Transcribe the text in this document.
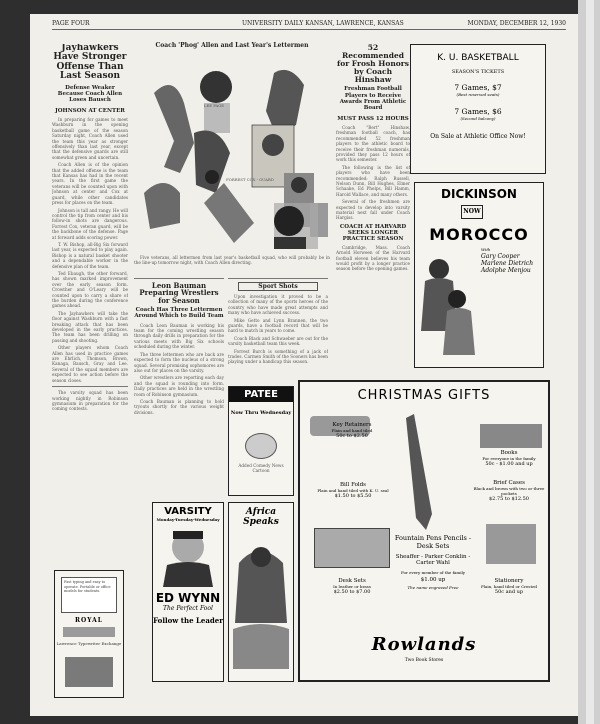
PAGE FOUR	UNIVERSITY DAILY KANSAN, LAWRENCE, KANSAS	MONDAY, DECEMBER 12, 1930
Jayhawkers Have Stronger Offense Than Last Season
Defense Weaker Because Coach Allen Loses Bausch
JOHNSON AT CENTER

In preparing for games to meet Washburn in the opening basketball game of the season Saturday night, Coach Allen used the team this year as stronger offensively than last year, except that the defensive guards are still somewhat green and uncertain.

Coach Allen is of the opinion that the added offense is the team that Kansas has had in the recent years. In the first game the veterans will be counted upon with Johnson at center and Cox at guard, while other candidates press for places on the team.

Johnson is tall and rangy. He will control the tip from center and his follow-in shots are dangerous. Forrest Cox, veteran guard, will be the backbone of the defense. Page at forward adds scoring power.

T. W. Bishop, all-Big Six forward last year, is expected to play again. Bishop is a natural basket shooter and a dependable worker in the defensive plan of the team.

Ted Ebaugh, the other forward, has shown marked improvement over the early season form. Crowther and O'Leary will be counted upon to carry a share of the burden during the conference games ahead.

The Jayhawkers will take the floor against Washburn with a fast breaking attack that has been developed in the early practices. The team has been drilling on passing and shooting.

Other players whom Coach Allen has used in practice games are Ehrlich, Thomson, Brown, Kanaga, Bausch, Gray and Lee. Several of the squad members are expected to see action before the season closes.

The varsity squad has been working nightly in Robinson gymnasium in preparation for the coming contests.

Fast typing and easy to operate. Portable or office models for students.
ROYAL
Lawrence Typewriter Exchange
Coach 'Phog' Allen and Last Year's Lettermen
LEE PAGE
FORREST COX - GUARD

Five veterans, all lettermen from last year's basketball squad, who will probably be in the line-up tomorrow night, with Coach Allen directing.

Leon Bauman Preparing Wrestlers for Season
Coach Has Three Lettermen Around Which to Build Team

Coach Leon Bauman is working his team for the coming wrestling season through daily drills in preparation for the various meets with Big Six schools scheduled during the winter.

The three lettermen who are back are expected to form the nucleus of a strong squad. Several promising sophomores are also out for places on the varsity.

Other wrestlers are reporting each day and the squad is rounding into form. Daily practices are held in the wrestling room of Robinson gymnasium.

Coach Bauman is planning to hold tryouts shortly for the various weight divisions.

Sport Shots

Upon investigation it proved to be a collection of many of the sports heroes of the country who have made great attempts and many who have achieved success.

Mike Getto and Lynn Brannen, the two guards, have a football record that will be hard to match in years to come.

Coach Black and Schwaeber are out for the varsity basketball team this week.

Forrest Burch is something of a jack of trades. Carmen Smith of the Sooners has been playing under a handicap this season.

52 Recommended for Frosh Honors by Coach Hinshaw
Freshman Football Players to Receive Awards From Athletic Board
MUST PASS 12 HOURS

Coach "Bert" Hinshaw, freshman football coach, has recommended 52 freshman players to the athletic board to receive their freshman numerals, provided they pass 12 hours of work this semester.

The following is the list of players who have been recommended: Ralph Russell, Nelson Dunn, Bill Hughes, Elmer Schaake, Ed Phelps, Bill Hamm, Harold Wallace, and many others.

Several of the freshmen are expected to develop into varsity material next fall under Coach Hargiss.

COACH AT HARVARD SEEKS LONGER PRACTICE SEASON

Cambridge, Mass. Coach Arnold Horween of the Harvard football eleven believes his team would profit by a longer practice season before the opening games.

K. U. BASKETBALL
SEASON'S TICKETS
7 Games, $7
(Best reserved seats)
7 Games, $6
(Second balcony)
On Sale at Athletic Office Now!
DICKINSON
NOW
MOROCCO
With
Gary Cooper Marlene Dietrich Adolphe Menjou
PATEE
Now Thru Wednesday
Added Comedy News Cartoon
VARSITY
Monday-Tuesday-Wednesday
ED WYNN
The Perfect Fool
Follow the Leader
Africa Speaks
CHRISTMAS GIFTS
Key Retainers
Plain and hand tiled
50c to $2.50
Books
For everyone in the family
50c - $1.00 and up
Bill Folds
Plain and hand tiled with K. U. seal
$1.50 to $5.50
Brief Cases
Black and brown with two or three pockets
$2.75 to $12.50
Fountain Pens Pencils - Desk Sets
Sheaffer - Parker Conklin - Carter Wahl
For every member of the family
$1.00 up
The name engraved Free
Desk Sets
In leather or brass
$2.50 to $7.00
Stationery
Plain, hand tiled or Crested
50c and up
Rowlands
Two Book Stores
